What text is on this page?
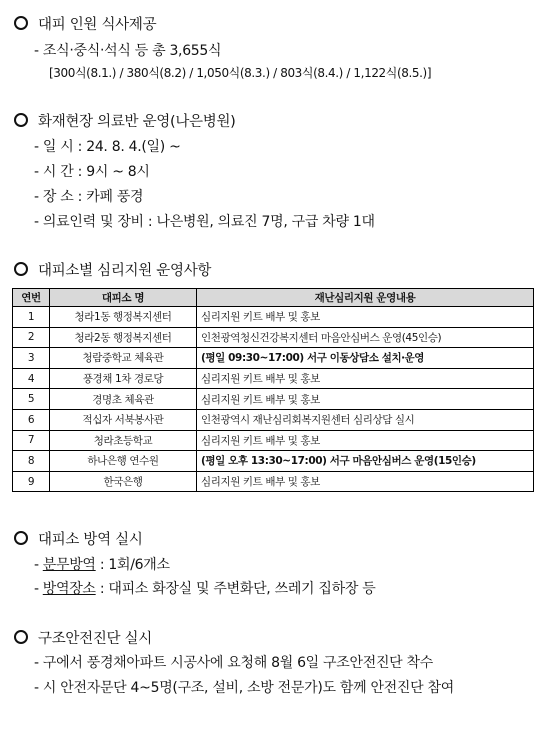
대피 인원 식사제공
- 조식‧중식‧석식 등 총 3,655식
[300식(8.1.) / 380식(8.2) / 1,050식(8.3.) / 803식(8.4.) / 1,122식(8.5.)]
화재현장 의료반 운영(나은병원)
- 일 시 : 24. 8. 4.(일) ~
- 시 간 : 9시 ~ 8시
- 장 소 : 카페 풍경
- 의료인력 및 장비 : 나은병원, 의료진 7명, 구급 차량 1대
대피소별 심리지원 운영사항
연번	대피소 명	재난심리지원 운영내용
1	청라1동 행정복지센터	심리지원 키트 배부 및 홍보
2	청라2동 행정복지센터	인천광역청신건강복지센터 마음안심버스 운영(45인승)
3	청람중학교 체육관	(평일 09:30~17:00) 서구 이동상담소 설치‧운영
4	풍경채 1차 경로당	심리지원 키트 배부 및 홍보
5	경명초 체육관	심리지원 키트 배부 및 홍보
6	적십자 서북봉사관	인천광역시 재난심리회복지원센터 심리상담 실시
7	청라초등학교	심리지원 키트 배부 및 홍보
8	하나은행 연수원	(평일 오후 13:30~17:00) 서구 마음안심버스 운영(15인승)
9	한국은행	심리지원 키트 배부 및 홍보
대피소 방역 실시
- 분무방역 : 1회/6개소
- 방역장소 : 대피소 화장실 및 주변화단, 쓰레기 집하장 등
구조안전진단 실시
- 구에서 풍경채아파트 시공사에 요청해 8월 6일 구조안전진단 착수
- 시 안전자문단 4~5명(구조, 설비, 소방 전문가)도 함께 안전진단 참여
